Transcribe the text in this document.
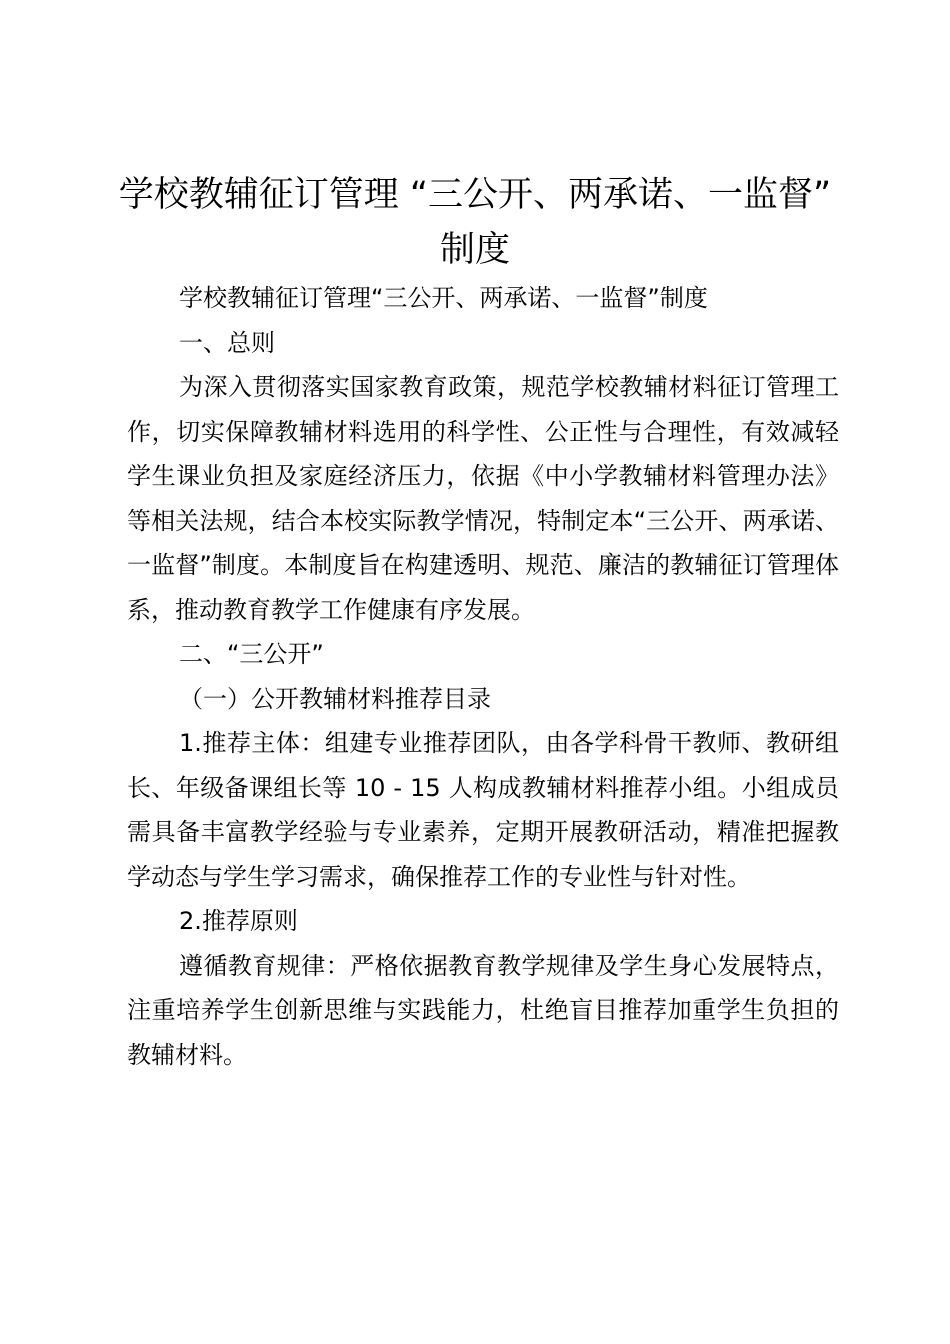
学校教辅征订管理 “三公开、两承诺、一监督” 制度

学校教辅征订管理“三公开、两承诺、一监督”制度

一、总则

为深入贯彻落实国家教育政策，规范学校教辅材料征订管理工作，切实保障教辅材料选用的科学性、公正性与合理性，有效减轻学生课业负担及家庭经济压力，依据《中小学教辅材料管理办法》等相关法规，结合本校实际教学情况，特制定本“三公开、两承诺、一监督”制度。本制度旨在构建透明、规范、廉洁的教辅征订管理体系，推动教育教学工作健康有序发展。

二、“三公开”

（一）公开教辅材料推荐目录

1.推荐主体：组建专业推荐团队，由各学科骨干教师、教研组长、年级备课组长等 10 - 15 人构成教辅材料推荐小组。小组成员需具备丰富教学经验与专业素养，定期开展教研活动，精准把握教学动态与学生学习需求，确保推荐工作的专业性与针对性。

2.推荐原则

遵循教育规律：严格依据教育教学规律及学生身心发展特点，注重培养学生创新思维与实践能力，杜绝盲目推荐加重学生负担的教辅材料。
